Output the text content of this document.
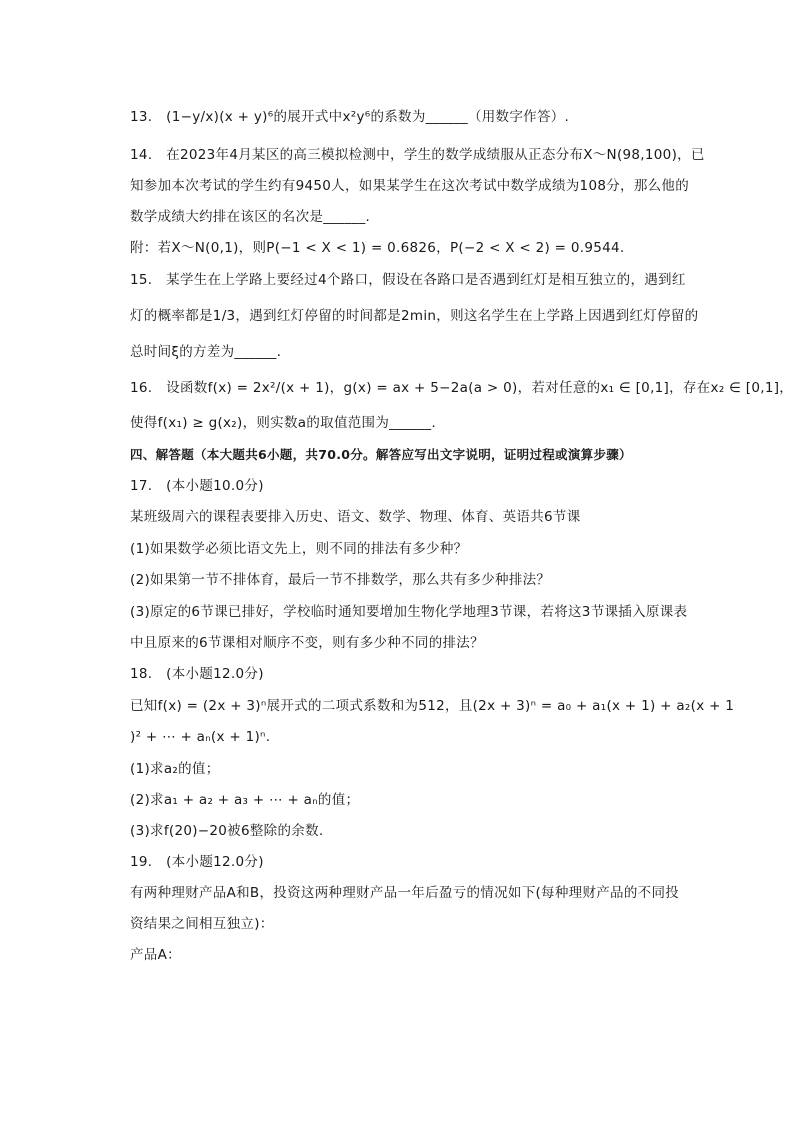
13.　(1−y/x)(x + y)⁶的展开式中x²y⁶的系数为______（用数字作答）.
14.　在2023年4月某区的高三模拟检测中，学生的数学成绩服从正态分布X～N(98,100)，已
知参加本次考试的学生约有9450人，如果某学生在这次考试中数学成绩为108分，那么他的
数学成绩大约排在该区的名次是______．
附：若X～N(0,1)，则P(−1 < X < 1) = 0.6826，P(−2 < X < 2) = 0.9544.
15.　某学生在上学路上要经过4个路口，假设在各路口是否遇到红灯是相互独立的，遇到红
灯的概率都是1/3，遇到红灯停留的时间都是2min，则这名学生在上学路上因遇到红灯停留的
总时间ξ的方差为______．
16.　设函数f(x) = 2x²/(x + 1)，g(x) = ax + 5−2a(a > 0)，若对任意的x₁ ∈ [0,1]，存在x₂ ∈ [0,1]，
使得f(x₁) ≥ g(x₂)，则实数a的取值范围为______．
四、解答题（本大题共6小题，共70.0分。解答应写出文字说明，证明过程或演算步骤）
17.　(本小题10.0分)
某班级周六的课程表要排入历史、语文、数学、物理、体育、英语共6节课
(1)如果数学必须比语文先上，则不同的排法有多少种？
(2)如果第一节不排体育，最后一节不排数学，那么共有多少种排法？
(3)原定的6节课已排好，学校临时通知要增加生物化学地理3节课，若将这3节课插入原课表
中且原来的6节课相对顺序不变，则有多少种不同的排法？
18.　(本小题12.0分)
已知f(x) = (2x + 3)ⁿ展开式的二项式系数和为512，且(2x + 3)ⁿ = a₀ + a₁(x + 1) + a₂(x + 1
)² + ⋯ + aₙ(x + 1)ⁿ.
(1)求a₂的值；
(2)求a₁ + a₂ + a₃ + ⋯ + aₙ的值；
(3)求f(20)−20被6整除的余数.
19.　(本小题12.0分)
有两种理财产品A和B，投资这两种理财产品一年后盈亏的情况如下(每种理财产品的不同投
资结果之间相互独立)：
产品A：
